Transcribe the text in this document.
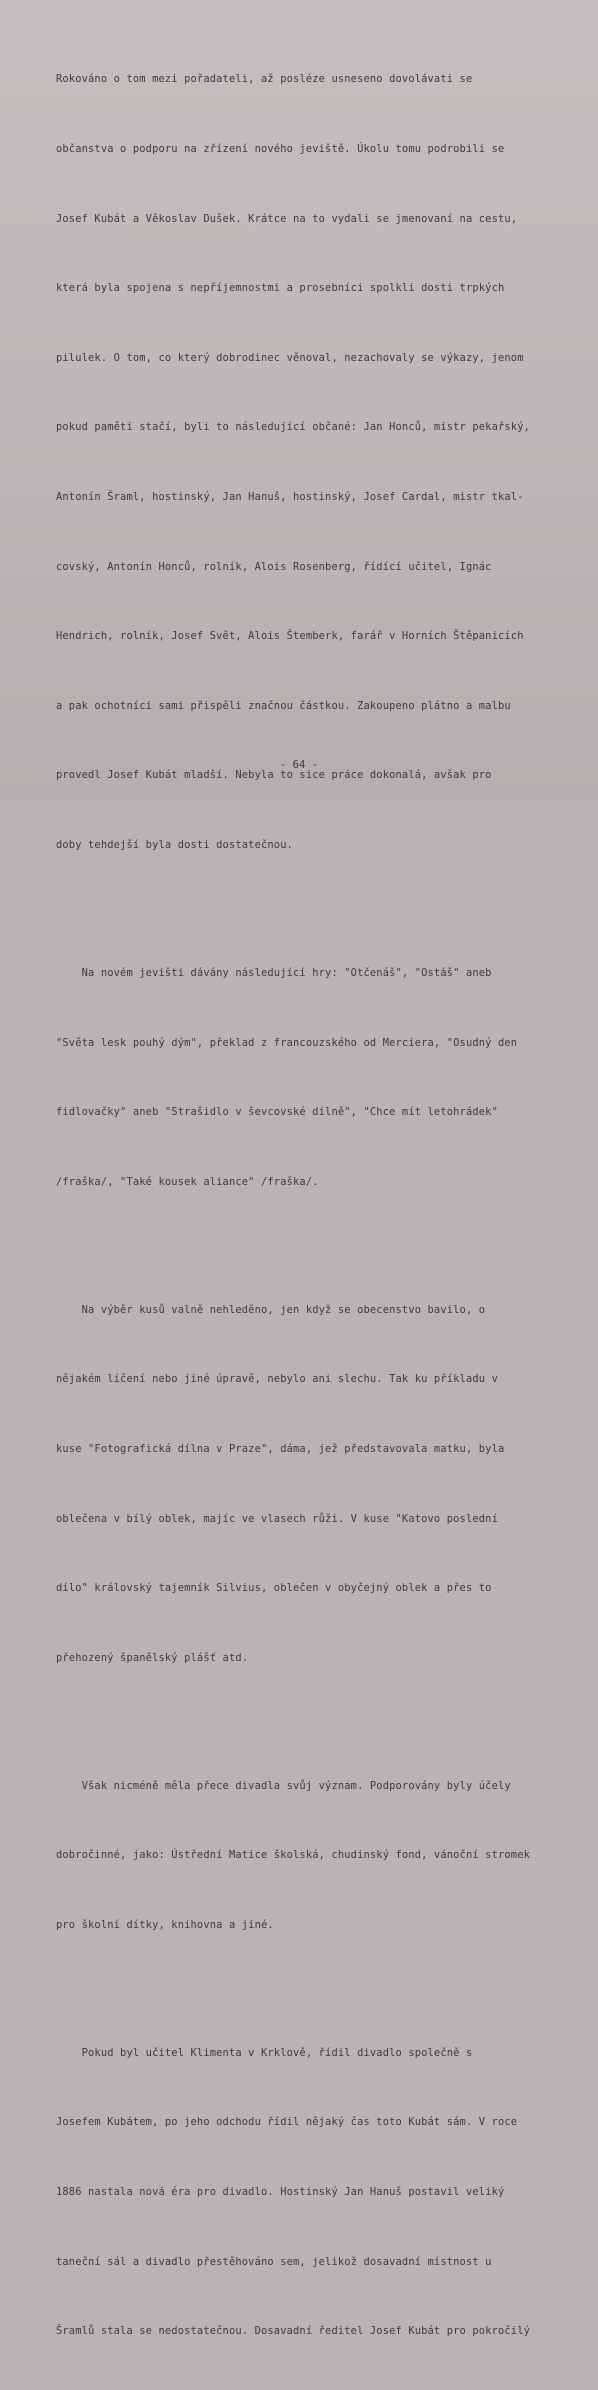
Rokováno o tom mezi pořadateli, až posléze usneseno dovolávati se

občanstva o podporu na zřízení nového jeviště. Úkolu tomu podrobili se

Josef Kubát a Věkoslav Dušek. Krátce na to vydali se jmenovaní na cestu,

která byla spojena s nepříjemnostmi a prosebníci spolkli dosti trpkých

pilulek. O tom, co který dobrodinec věnoval, nezachovaly se výkazy, jenom

pokud paměti stačí, byli to následující občané: Jan Honců, mistr pekařský,

Antonín Šraml, hostinský, Jan Hanuš, hostinský, Josef Cardal, mistr tkal-

covský, Antonín Honců, rolník, Alois Rosenberg, řídící učitel, Ignác

Hendrich, rolník, Josef Svět, Alois Štemberk, farář v Horních Štěpanicích

a pak ochotníci sami přispěli značnou částkou. Zakoupeno plátno a malbu

provedl Josef Kubát mladší. Nebyla to sice práce dokonalá, avšak pro

doby tehdejší byla dosti dostatečnou.

Na novém jevišti dávány následující hry: "Otčenáš", "Ostáš" aneb

"Světa lesk pouhý dým", překlad z francouzského od Merciera, "Osudný den

fidlovačky" aneb "Strašidlo v ševcovské dílně", "Chce mít letohrádek"

/fraška/, "Také kousek aliance" /fraška/.

Na výběr kusů valně nehleděno, jen když se obecenstvo bavilo, o

nějakém líčení nebo jiné úpravě, nebylo ani slechu. Tak ku příkladu v

kuse "Fotografická dílna v Praze", dáma, jež představovala matku, byla

oblečena v bílý oblek, majíc ve vlasech růži. V kuse "Katovo poslední

dílo" královský tajemník Silvius, oblečen v obyčejný oblek a přes to

přehozený španělský plášť atd.

Však nicméně měla přece divadla svůj význam. Podporovány byly účely

dobročinné, jako: Ústřední Matice školská, chudinský fond, vánoční stromek

pro školní dítky, knihovna a jiné.

Pokud byl učitel Klimenta v Krklově, řídil divadlo společně s

Josefem Kubátem, po jeho odchodu řídil nějaký čas toto Kubát sám. V roce

1886 nastala nová éra pro divadlo. Hostinský Jan Hanuš postavil veliký

taneční sál a divadlo přestěhováno sem, jelikož dosavadní místnost u

Šramlů stala se nedostatečnou. Dosavadní ředitel Josef Kubát pro pokročilý

- 64 -
